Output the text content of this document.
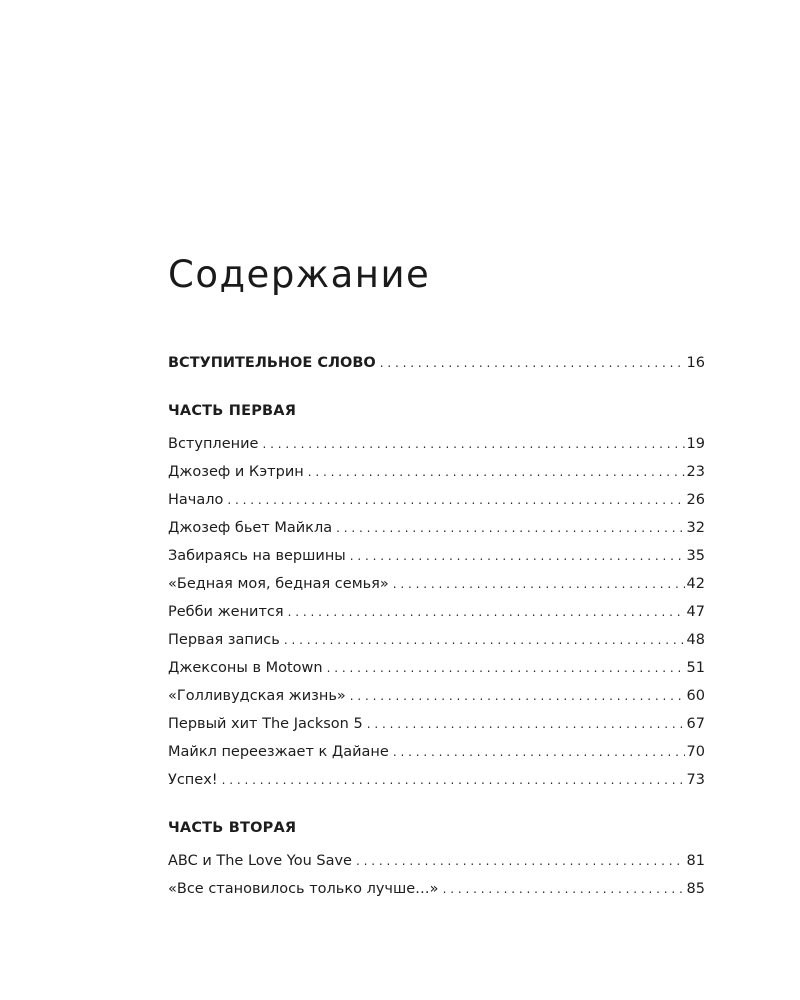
Содержание
ВСТУПИТЕЛЬНОЕ СЛОВО . . .	16
ЧАСТЬ ПЕРВАЯ
Вступление . . .	19
Джозеф и Кэтрин . . .	23
Начало . . .	26
Джозеф бьет Майкла . . .	32
Забираясь на вершины . . .	35
«Бедная моя, бедная семья» . . .	42
Ребби женится . . .	47
Первая запись . . .	48
Джексоны в Motown . . .	51
«Голливудская жизнь» . . .	60
Первый хит The Jackson 5 . . .	67
Майкл переезжает к Дайане . . .	70
Успех! . . .	73
ЧАСТЬ ВТОРАЯ
ABC и The Love You Save . . .	81
«Все становилось только лучше…» . . .	85
